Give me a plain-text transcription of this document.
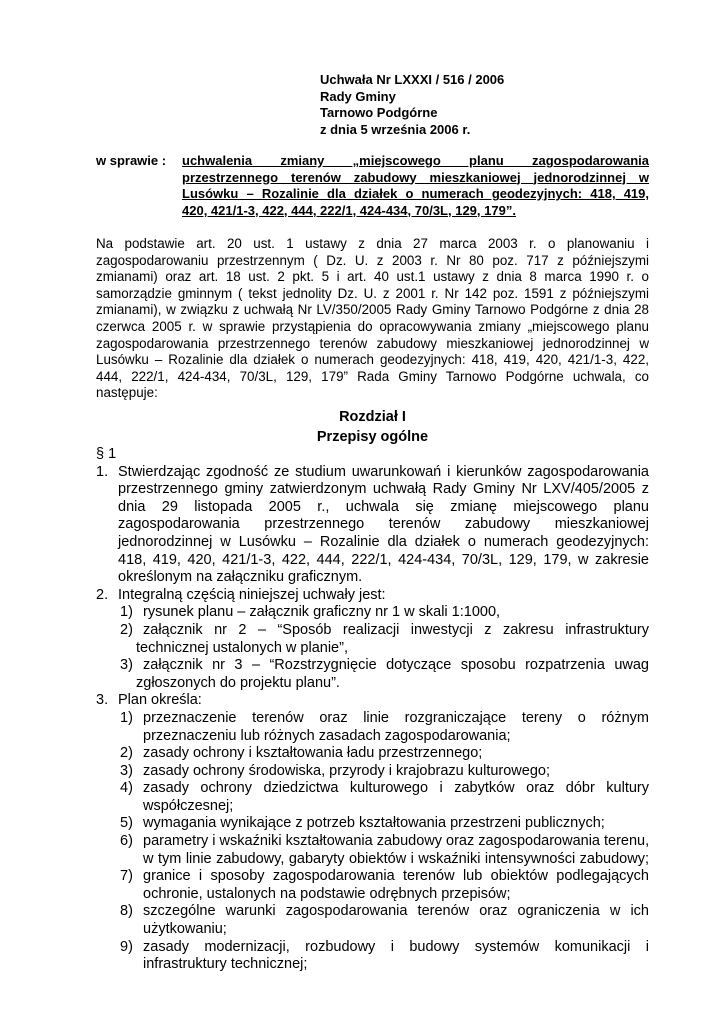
Uchwała Nr LXXXI / 516 / 2006
Rady Gminy
Tarnowo Podgórne
z dnia 5 września 2006 r.
w sprawie : uchwalenia zmiany „miejscowego planu zagospodarowania
przestrzennego terenów zabudowy mieszkaniowej jednorodzinnej w
Lusówku – Rozalinie dla działek o numerach geodezyjnych: 418, 419,
420, 421/1-3, 422, 444, 222/1, 424-434, 70/3L, 129, 179”.
Na podstawie art. 20 ust. 1 ustawy z dnia 27 marca 2003 r. o planowaniu i
zagospodarowaniu przestrzennym ( Dz. U. z 2003 r. Nr 80 poz. 717 z późniejszymi
zmianami) oraz art. 18 ust. 2 pkt. 5 i art. 40 ust.1 ustawy z dnia 8 marca 1990 r. o
samorządzie gminnym ( tekst jednolity Dz. U. z 2001 r. Nr 142 poz. 1591 z późniejszymi
zmianami), w związku z uchwałą Nr LV/350/2005 Rady Gminy Tarnowo Podgórne z dnia 28
czerwca 2005 r. w sprawie przystąpienia do opracowywania zmiany „miejscowego planu
zagospodarowania przestrzennego terenów zabudowy mieszkaniowej jednorodzinnej w
Lusówku – Rozalinie dla działek o numerach geodezyjnych: 418, 419, 420, 421/1-3, 422,
444, 222/1, 424-434, 70/3L, 129, 179” Rada Gminy Tarnowo Podgórne uchwala, co
następuje:
Rozdział I
Przepisy ogólne
§ 1
1. Stwierdzając zgodność ze studium uwarunkowań i kierunków zagospodarowania
przestrzennego gminy zatwierdzonym uchwałą Rady Gminy Nr LXV/405/2005 z
dnia 29 listopada 2005 r., uchwala się zmianę miejscowego planu
zagospodarowania przestrzennego terenów zabudowy mieszkaniowej
jednorodzinnej w Lusówku – Rozalinie dla działek o numerach geodezyjnych:
418, 419, 420, 421/1-3, 422, 444, 222/1, 424-434, 70/3L, 129, 179, w zakresie
określonym na załączniku graficznym.
2. Integralną częścią niniejszej uchwały jest:
1) rysunek planu – załącznik graficzny nr 1 w skali 1:1000,
2) załącznik nr 2 – “Sposób realizacji inwestycji z zakresu infrastruktury
technicznej ustalonych w planie”,
3) załącznik nr 3 – “Rozstrzygnięcie dotyczące sposobu rozpatrzenia uwag
zgłoszonych do projektu planu”.
3. Plan określa:
1) przeznaczenie terenów oraz linie rozgraniczające tereny o różnym
przeznaczeniu lub różnych zasadach zagospodarowania;
2) zasady ochrony i kształtowania ładu przestrzennego;
3) zasady ochrony środowiska, przyrody i krajobrazu kulturowego;
4) zasady ochrony dziedzictwa kulturowego i zabytków oraz dóbr kultury
współczesnej;
5) wymagania wynikające z potrzeb kształtowania przestrzeni publicznych;
6) parametry i wskaźniki kształtowania zabudowy oraz zagospodarowania terenu,
w tym linie zabudowy, gabaryty obiektów i wskaźniki intensywności zabudowy;
7) granice i sposoby zagospodarowania terenów lub obiektów podlegających
ochronie, ustalonych na podstawie odrębnych przepisów;
8) szczególne warunki zagospodarowania terenów oraz ograniczenia w ich
użytkowaniu;
9) zasady modernizacji, rozbudowy i budowy systemów komunikacji i
infrastruktury technicznej;
